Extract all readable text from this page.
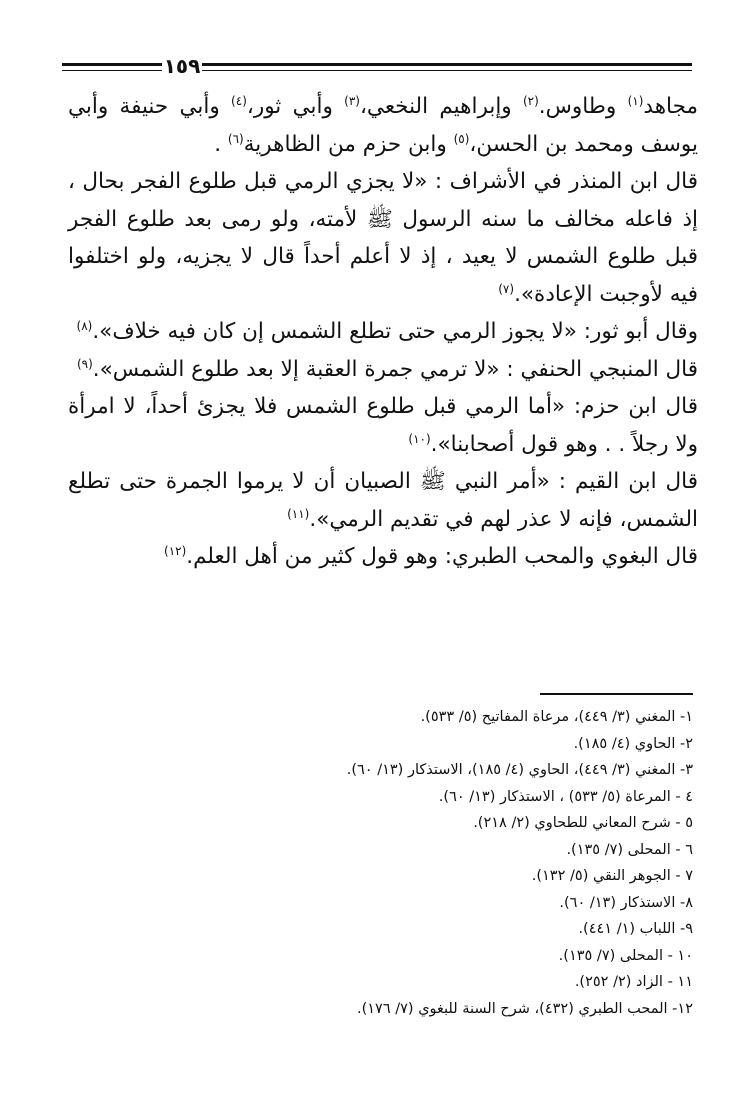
١٥٩

مجاهد$^{(١)}$ وطاوس.$^{(٢)}$ وإبراهيم النخعي،$^{(٣)}$ وأبي ثور،$^{(٤)}$ وأبي حنيفة وأبي يوسف ومحمد بن الحسن،$^{(٥)}$ وابن حزم من الظاهرية$^{(٦)}$ .

قال ابن المنذر في الأشراف : «لا يجزي الرمي قبل طلوع الفجر بحال ، إذ فاعله مخالف ما سنه الرسول ﷺ لأمته، ولو رمى بعد طلوع الفجر قبل طلوع الشمس لا يعيد ، إذ لا أعلم أحداً قال لا يجزيه، ولو اختلفوا فيه لأوجبت الإعادة».$^{(٧)}$

وقال أبو ثور: «لا يجوز الرمي حتى تطلع الشمس إن كان فيه خلاف».$^{(٨)}$

قال المنبجي الحنفي : «لا ترمي جمرة العقبة إلا بعد طلوع الشمس».$^{(٩)}$

قال ابن حزم: «أما الرمي قبل طلوع الشمس فلا يجزئ أحداً، لا امرأة ولا رجلاً . . وهو قول أصحابنا».$^{(١٠)}$

قال ابن القيم : «أمر النبي ﷺ الصبيان أن لا يرموا الجمرة حتى تطلع الشمس، فإنه لا عذر لهم في تقديم الرمي».$^{(١١)}$

قال البغوي والمحب الطبري: وهو قول كثير من أهل العلم.$^{(١٢)}$

١- المغني (٣/ ٤٤٩)، مرعاة المفاتيح (٥/ ٥٣٣).
٢- الحاوي (٤/ ١٨٥).
٣- المغني (٣/ ٤٤٩)، الحاوي (٤/ ١٨٥)، الاستذكار (١٣/ ٦٠).
٤ - المرعاة (٥/ ٥٣٣) ، الاستذكار (١٣/ ٦٠).
٥ - شرح المعاني للطحاوي (٢/ ٢١٨).
٦ - المحلى (٧/ ١٣٥).
٧ - الجوهر النقي (٥/ ١٣٢).
٨- الاستذكار (١٣/ ٦٠).
٩- اللباب (١/ ٤٤١).
١٠ - المحلى (٧/ ١٣٥).
١١ - الزاد (٢/ ٢٥٢).
١٢- المحب الطبري (٤٣٢)، شرح السنة للبغوي (٧/ ١٧٦).
